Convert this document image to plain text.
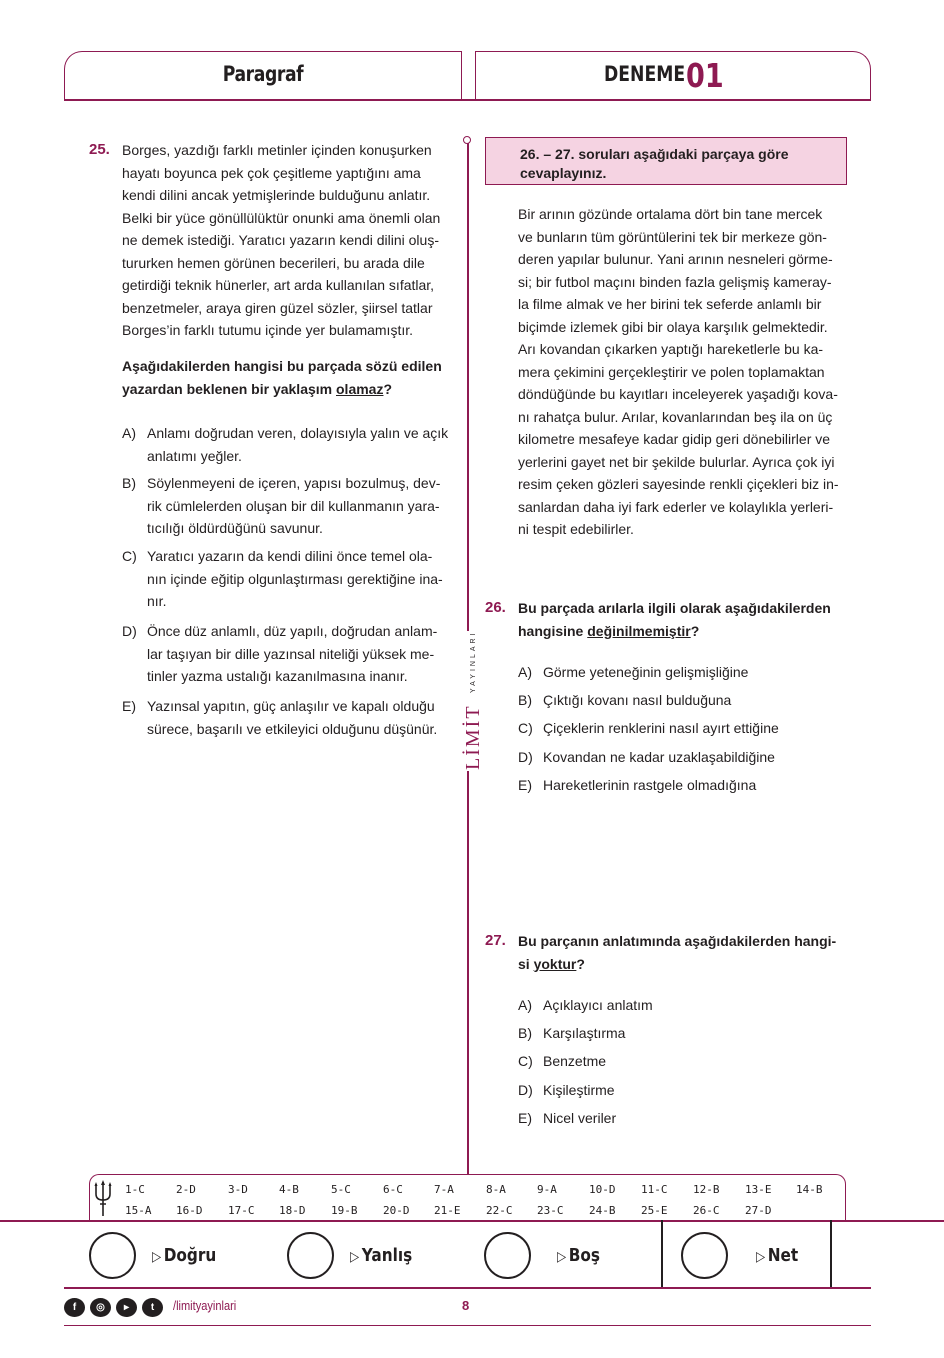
Paragraf	DENEME 01
LİMİT
YAYINLARI
25. Borges, yazdığı farklı metinler içinden konuşurken
hayatı boyunca pek çok çeşitleme yaptığını ama
kendi dilini ancak yetmişlerinde bulduğunu anlatır.
Belki bir yüce gönüllülüktür onunki ama önemli olan
ne demek istediği. Yaratıcı yazarın kendi dilini oluş-
tururken hemen görünen becerileri, bu arada dile
getirdiği teknik hünerler, art arda kullanılan sıfatlar,
benzetmeler, araya giren güzel sözler, şiirsel tatlar
Borges’in farklı tutumu içinde yer bulamamıştır.
Aşağıdakilerden hangisi bu parçada sözü edilen
yazardan beklenen bir yaklaşım olamaz?
A) Anlamı doğrudan veren, dolayısıyla yalın ve açık
anlatımı yeğler.
B) Söylenmeyeni de içeren, yapısı bozulmuş, dev-
rik cümlelerden oluşan bir dil kullanmanın yara-
tıcılığı öldürdüğünü savunur.
C) Yaratıcı yazarın da kendi dilini önce temel ola-
nın içinde eğitip olgunlaştırması gerektiğine ina-
nır.
D) Önce düz anlamlı, düz yapılı, doğrudan anlam-
lar taşıyan bir dille yazınsal niteliği yüksek me-
tinler yazma ustalığı kazanılmasına inanır.
E) Yazınsal yapıtın, güç anlaşılır ve kapalı olduğu
sürece, başarılı ve etkileyici olduğunu düşünür.
26. – 27. soruları aşağıdaki parçaya göre
cevaplayınız.
Bir arının gözünde ortalama dört bin tane mercek
ve bunların tüm görüntülerini tek bir merkeze gön-
deren yapılar bulunur. Yani arının nesneleri görme-
si; bir futbol maçını binden fazla gelişmiş kameray-
la filme almak ve her birini tek seferde anlamlı bir
biçimde izlemek gibi bir olaya karşılık gelmektedir.
Arı kovandan çıkarken yaptığı hareketlerle bu ka-
mera çekimini gerçekleştirir ve polen toplamaktan
döndüğünde bu kayıtları inceleyerek yaşadığı kova-
nı rahatça bulur. Arılar, kovanlarından beş ila on üç
kilometre mesafeye kadar gidip geri dönebilirler ve
yerlerini gayet net bir şekilde bulurlar. Ayrıca çok iyi
resim çeken gözleri sayesinde renkli çiçekleri biz in-
sanlardan daha iyi fark ederler ve kolaylıkla yerleri-
ni tespit edebilirler.
26. Bu parçada arılarla ilgili olarak aşağıdakilerden
hangisine değinilmemiştir?
A) Görme yeteneğinin gelişmişliğine
B) Çıktığı kovanı nasıl bulduğuna
C) Çiçeklerin renklerini nasıl ayırt ettiğine
D) Kovandan ne kadar uzaklaşabildiğine
E) Hareketlerinin rastgele olmadığına
27. Bu parçanın anlatımında aşağıdakilerden hangi-
si yoktur?
A) Açıklayıcı anlatım
B) Karşılaştırma
C) Benzetme
D) Kişileştirme
E) Nicel veriler
1-C	2-D	3-D	4-B	5-C	6-C	7-A	8-A	9-A	10-D 11-C 12-B 13-E 14-B
15-A 16-D 17-C 18-D 19-B 20-D 21-E 22-C 23-C 24-B 25-E 26-C 27-D
▷ Doğru	▷ Yanlış	▷ Boş	▷ Net
f	◎	▸	t	/limityayinlari	8
